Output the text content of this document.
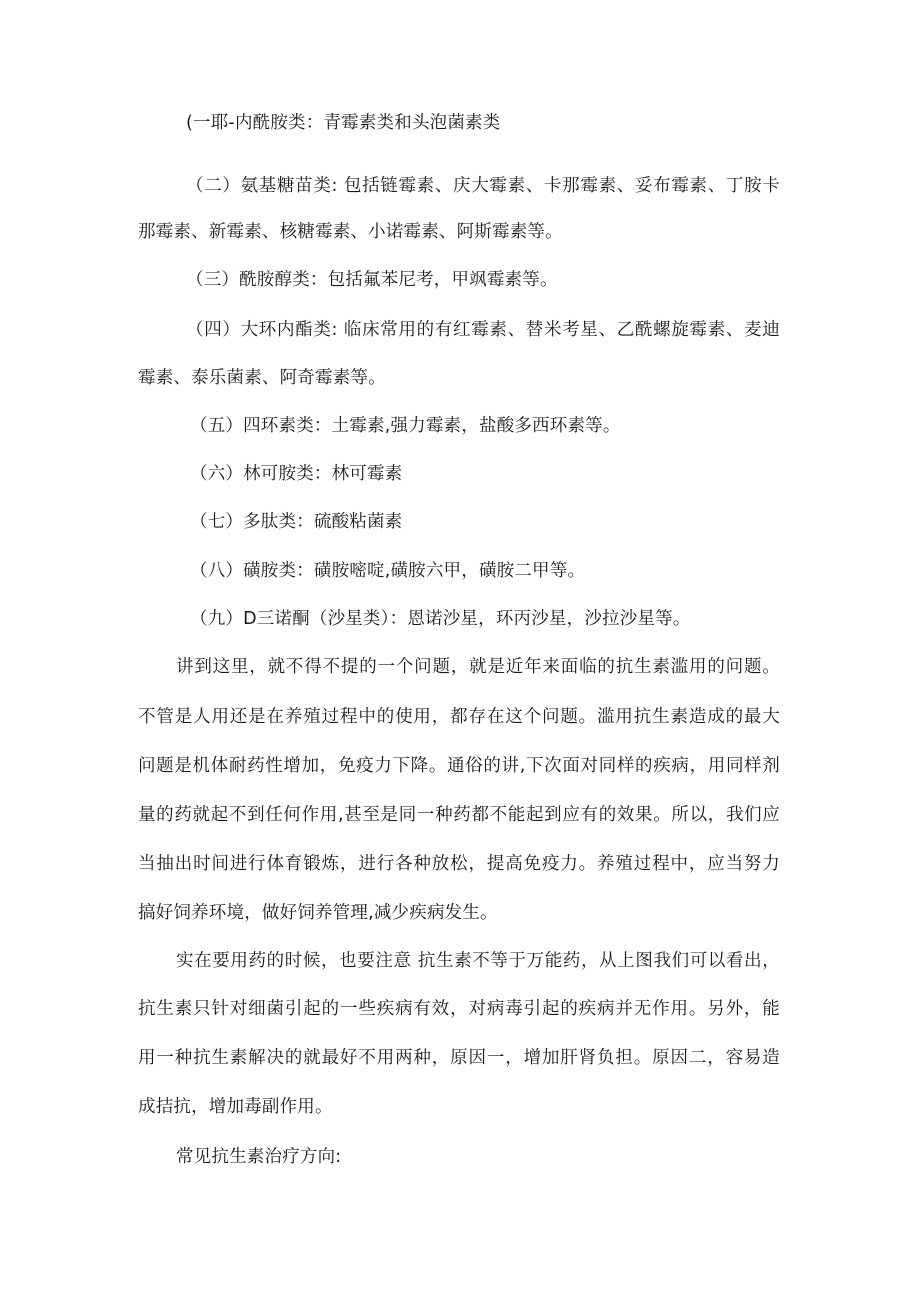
(一耶-内酰胺类：青霉素类和头泡菌素类
（二）氨基糖苗类: 包括链霉素、庆大霉素、卡那霉素、妥布霉素、丁胺卡
那霉素、新霉素、核糖霉素、小诺霉素、阿斯霉素等。
（三）酰胺醇类：包括氟苯尼考，甲飒霉素等。
（四）大环内酯类: 临床常用的有红霉素、替米考星、乙酰螺旋霉素、麦迪
霉素、泰乐菌素、阿奇霉素等。
（五）四环素类：土霉素,强力霉素，盐酸多西环素等。
（六）林可胺类：林可霉素
（七）多肽类：硫酸粘菌素
（八）磺胺类：磺胺嘧啶,磺胺六甲，磺胺二甲等。
（九）D三诺酮（沙星类）：恩诺沙星，环丙沙星，沙拉沙星等。
讲到这里，就不得不提的一个问题，就是近年来面临的抗生素滥用的问题。
不管是人用还是在养殖过程中的使用，都存在这个问题。滥用抗生素造成的最大
问题是机体耐药性增加，免疫力下降。通俗的讲,下次面对同样的疾病，用同样剂
量的药就起不到任何作用,甚至是同一种药都不能起到应有的效果。所以，我们应
当抽出时间进行体育锻炼，进行各种放松，提高免疫力。养殖过程中，应当努力
搞好饲养环境，做好饲养管理,减少疾病发生。
实在要用药的时候，也要注意 抗生素不等于万能药，从上图我们可以看出，
抗生素只针对细菌引起的一些疾病有效，对病毒引起的疾病并无作用。另外，能
用一种抗生素解决的就最好不用两种，原因一，增加肝肾负担。原因二，容易造
成拮抗，增加毒副作用。
常见抗生素治疗方向:
